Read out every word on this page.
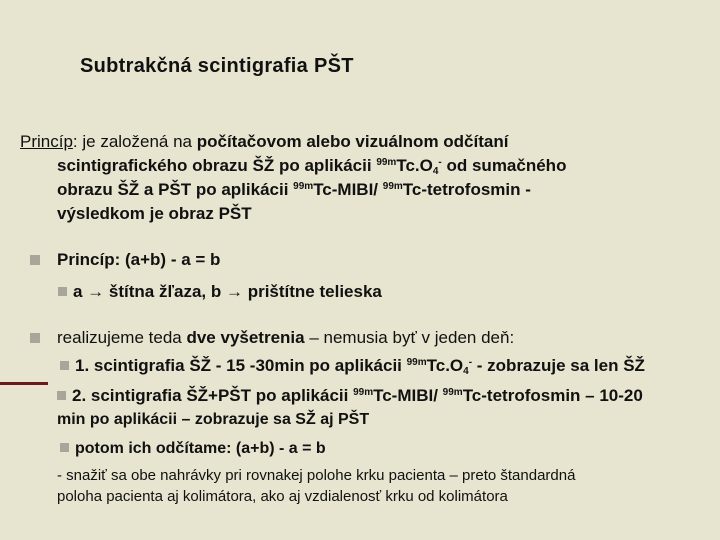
Subtrakčná scintigrafia PŠT
Princíp: je založená na počítačovom alebo vizuálnom odčítaní
scintigrafického obrazu ŠŽ po aplikácii $^{99m}Tc.O_4^-$ od sumačného
obrazu ŠŽ a PŠT po aplikácii $^{99m}$Tc-MIBI/ $^{99m}$Tc-tetrofosmin -
výsledkom je obraz PŠT
Princíp: (a+b) - a = b
a → štítna žľaza, b → prištítne telieska
realizujeme teda dve vyšetrenia – nemusia byť v jeden deň:
1. scintigrafia ŠŽ - 15 -30min po aplikácii $^{99m}Tc.O_4^-$ - zobrazuje sa len ŠŽ
2. scintigrafia ŠŽ+PŠT po aplikácii $^{99m}$Tc-MIBI/ $^{99m}$Tc-tetrofosmin – 10-20
min po aplikácii – zobrazuje sa SŽ aj PŠT
potom ich odčítame: (a+b) - a = b
- snažiť sa obe nahrávky pri rovnakej polohe krku pacienta – preto štandardná
poloha pacienta aj kolimátora, ako aj vzdialenosť krku od kolimátora
